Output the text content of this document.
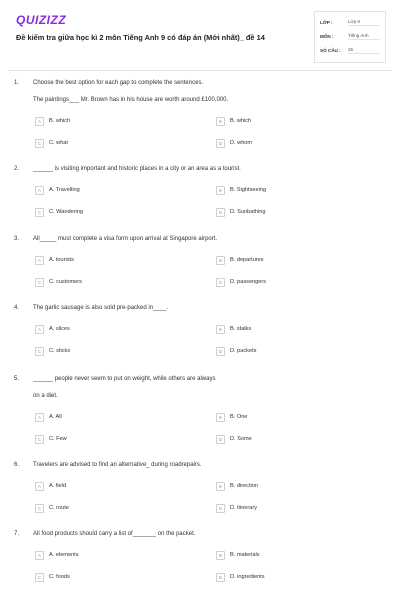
QUIZIZZ
Đề kiểm tra giữa học kì 2 môn Tiếng Anh 9 có đáp án (Mới nhất)_ đề 14
LỚP :	Lớp 9
MÔN :	Tiếng Anh
SỐ CÂU :	25
1. Choose the best option for each gap to complete the sentences.
The paintings___ Mr. Brown has in his house are worth around £100,000.
A	B. which	B	B. which
C	C. what	D	D. whom
2. ______ is visiting important and historic places in a city or an area as a tourist.
A	A. Travelling	B	B. Sightseeing
C	C. Wandering	D	D. Sunbathing
3. All_____ must complete a visa form upon arrival at Singapore airport.
A	A. tourists	B	B. departures
C	C. customers	D	D. passengers
4. The garlic sausage is also sold pre-packed in____.
A	A. slices	B	B. stalks
C	C. sticks	D	D. packets
5. ______ people never seem to put on weight, while others are always
on a diet.
A	A. All	B	B. One
C	C. Few	D	D. Some
6. Travelers are advised to find an alternative_ during roadrepairs.
A	A. field	B	B. direction
C	C. route	D	D. itinerary
7. All food products should carry a list of_______ on the packet.
A	A. elements	B	B. materials
C	C. foods	D	D. ingredients
